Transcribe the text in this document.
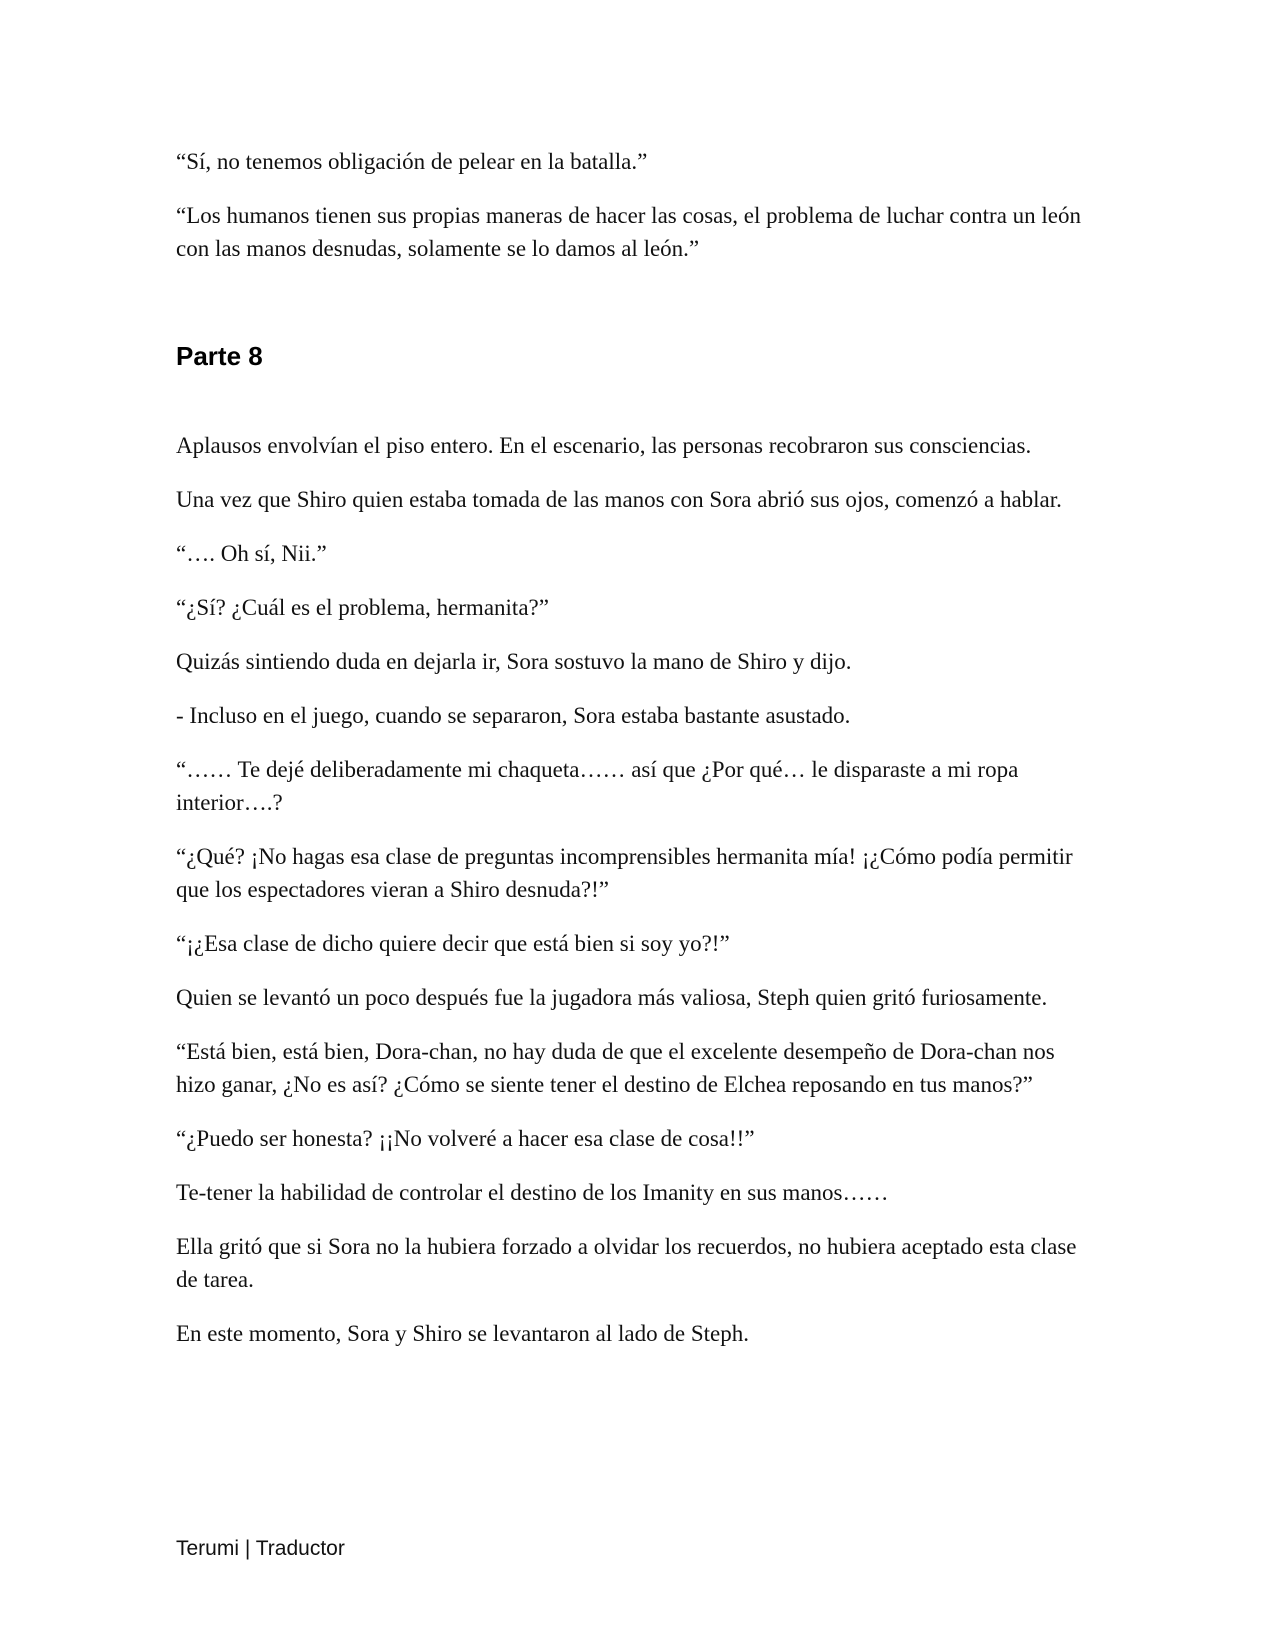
“Sí, no tenemos obligación de pelear en la batalla.”

“Los humanos tienen sus propias maneras de hacer las cosas, el problema de luchar contra un león con las manos desnudas, solamente se lo damos al león.”

Parte 8

Aplausos envolvían el piso entero. En el escenario, las personas recobraron sus consciencias.

Una vez que Shiro quien estaba tomada de las manos con Sora abrió sus ojos, comenzó a hablar.

“…. Oh sí, Nii.”

“¿Sí? ¿Cuál es el problema, hermanita?”

Quizás sintiendo duda en dejarla ir, Sora sostuvo la mano de Shiro y dijo.

- Incluso en el juego, cuando se separaron, Sora estaba bastante asustado.

“…… Te dejé deliberadamente mi chaqueta…… así que ¿Por qué… le disparaste a mi ropa interior….?

“¿Qué? ¡No hagas esa clase de preguntas incomprensibles hermanita mía! ¡¿Cómo podía permitir que los espectadores vieran a Shiro desnuda?!”

“¡¿Esa clase de dicho quiere decir que está bien si soy yo?!”

Quien se levantó un poco después fue la jugadora más valiosa, Steph quien gritó furiosamente.

“Está bien, está bien, Dora-chan, no hay duda de que el excelente desempeño de Dora-chan nos hizo ganar, ¿No es así? ¿Cómo se siente tener el destino de Elchea reposando en tus manos?”

“¿Puedo ser honesta? ¡¡No volveré a hacer esa clase de cosa!!”

Te-tener la habilidad de controlar el destino de los Imanity en sus manos……

Ella gritó que si Sora no la hubiera forzado a olvidar los recuerdos, no hubiera aceptado esta clase de tarea.

En este momento, Sora y Shiro se levantaron al lado de Steph.

Terumi | Traductor
